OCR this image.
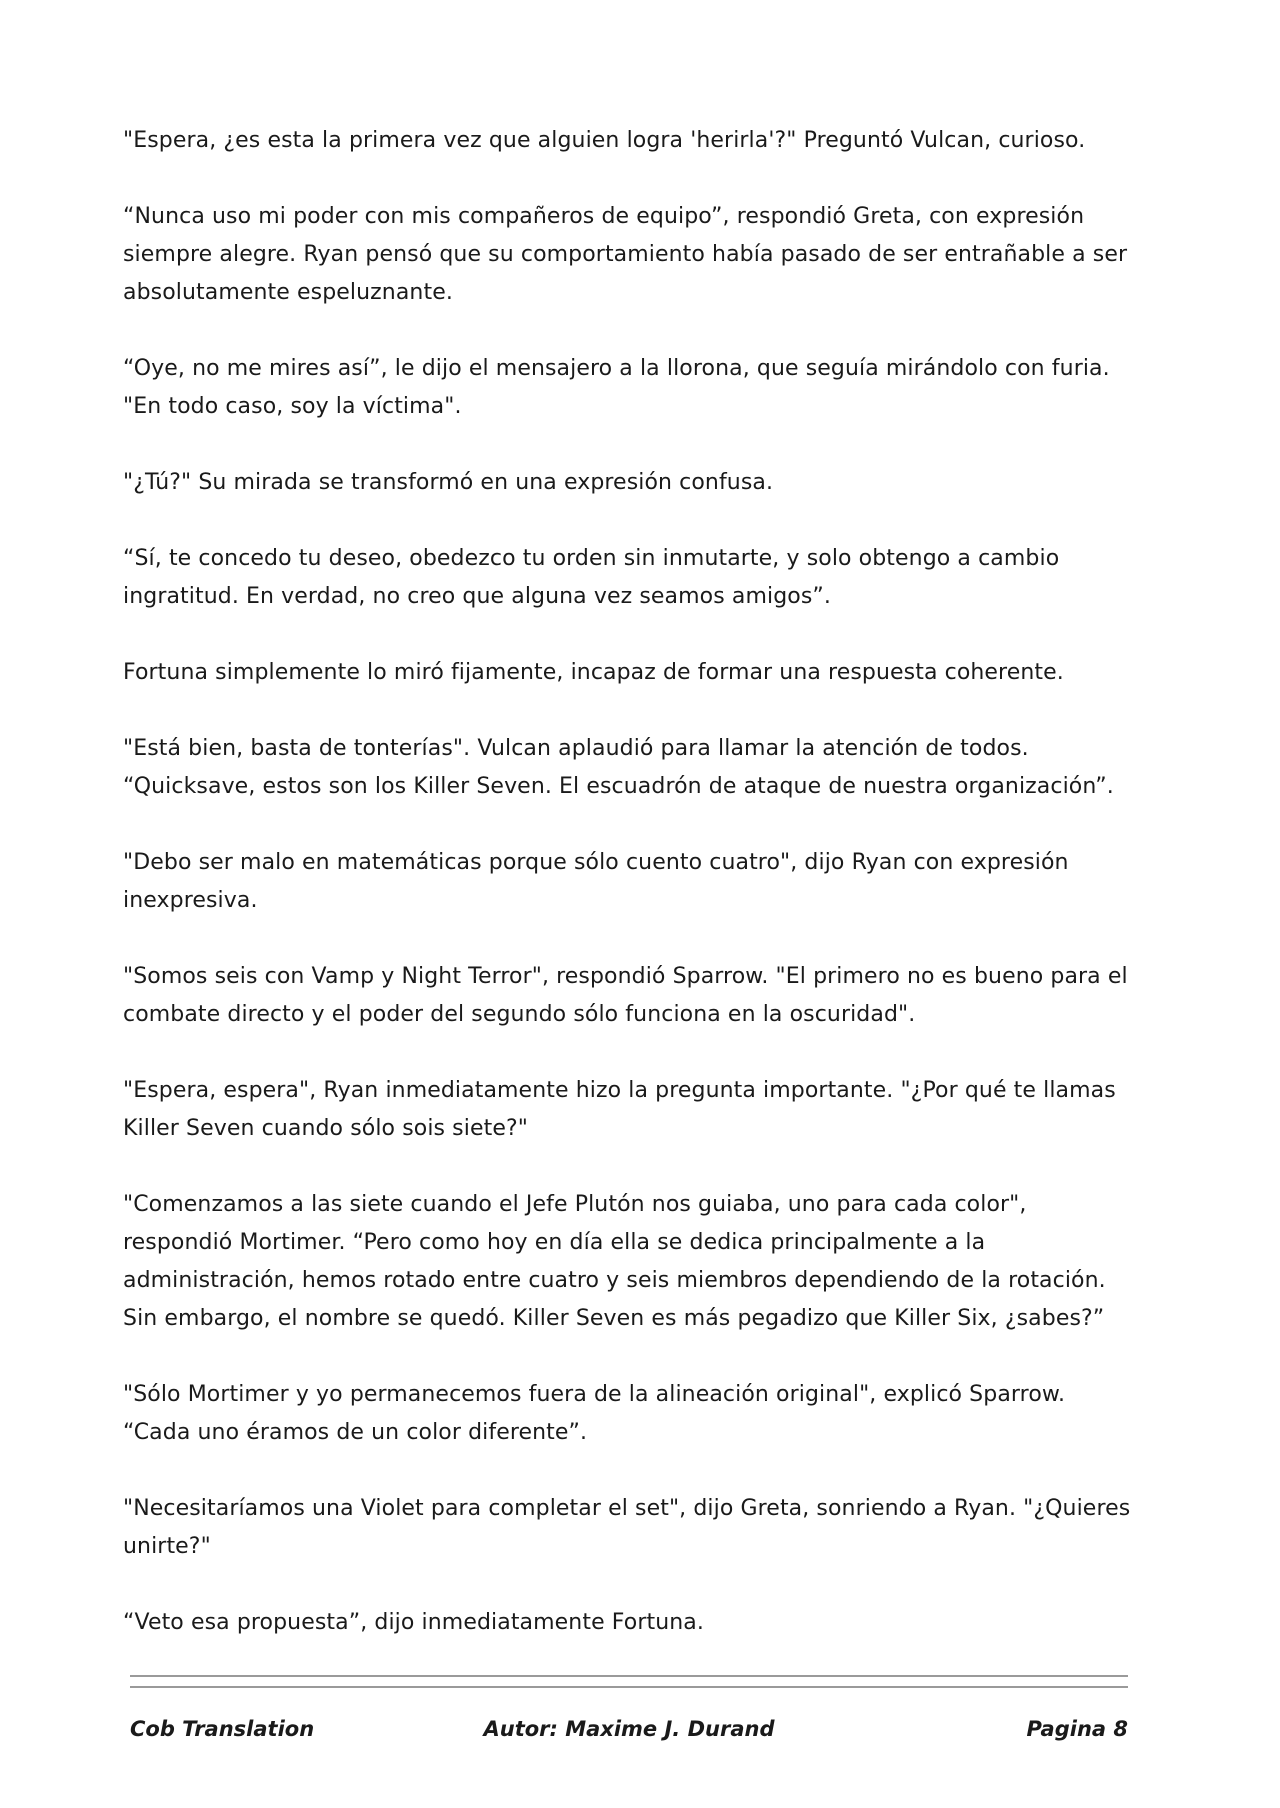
"Espera, ¿es esta la primera vez que alguien logra 'herirla'?" Preguntó Vulcan, curioso.

“Nunca uso mi poder con mis compañeros de equipo”, respondió Greta, con expresión siempre alegre. Ryan pensó que su comportamiento había pasado de ser entrañable a ser absolutamente espeluznante.

“Oye, no me mires así”, le dijo el mensajero a la llorona, que seguía mirándolo con furia. "En todo caso, soy la víctima".

"¿Tú?" Su mirada se transformó en una expresión confusa.

“Sí, te concedo tu deseo, obedezco tu orden sin inmutarte, y solo obtengo a cambio ingratitud. En verdad, no creo que alguna vez seamos amigos”.

Fortuna simplemente lo miró fijamente, incapaz de formar una respuesta coherente.

"Está bien, basta de tonterías". Vulcan aplaudió para llamar la atención de todos. “Quicksave, estos son los Killer Seven. El escuadrón de ataque de nuestra organización”.

"Debo ser malo en matemáticas porque sólo cuento cuatro", dijo Ryan con expresión inexpresiva.

"Somos seis con Vamp y Night Terror", respondió Sparrow. "El primero no es bueno para el combate directo y el poder del segundo sólo funciona en la oscuridad".

"Espera, espera", Ryan inmediatamente hizo la pregunta importante. "¿Por qué te llamas Killer Seven cuando sólo sois siete?"

"Comenzamos a las siete cuando el Jefe Plutón nos guiaba, uno para cada color", respondió Mortimer. “Pero como hoy en día ella se dedica principalmente a la administración, hemos rotado entre cuatro y seis miembros dependiendo de la rotación. Sin embargo, el nombre se quedó. Killer Seven es más pegadizo que Killer Six, ¿sabes?”

"Sólo Mortimer y yo permanecemos fuera de la alineación original", explicó Sparrow. “Cada uno éramos de un color diferente”.

"Necesitaríamos una Violet para completar el set", dijo Greta, sonriendo a Ryan. "¿Quieres unirte?"

“Veto esa propuesta”, dijo inmediatamente Fortuna.

Cob Translation	Autor: Maxime J. Durand	Pagina 8
